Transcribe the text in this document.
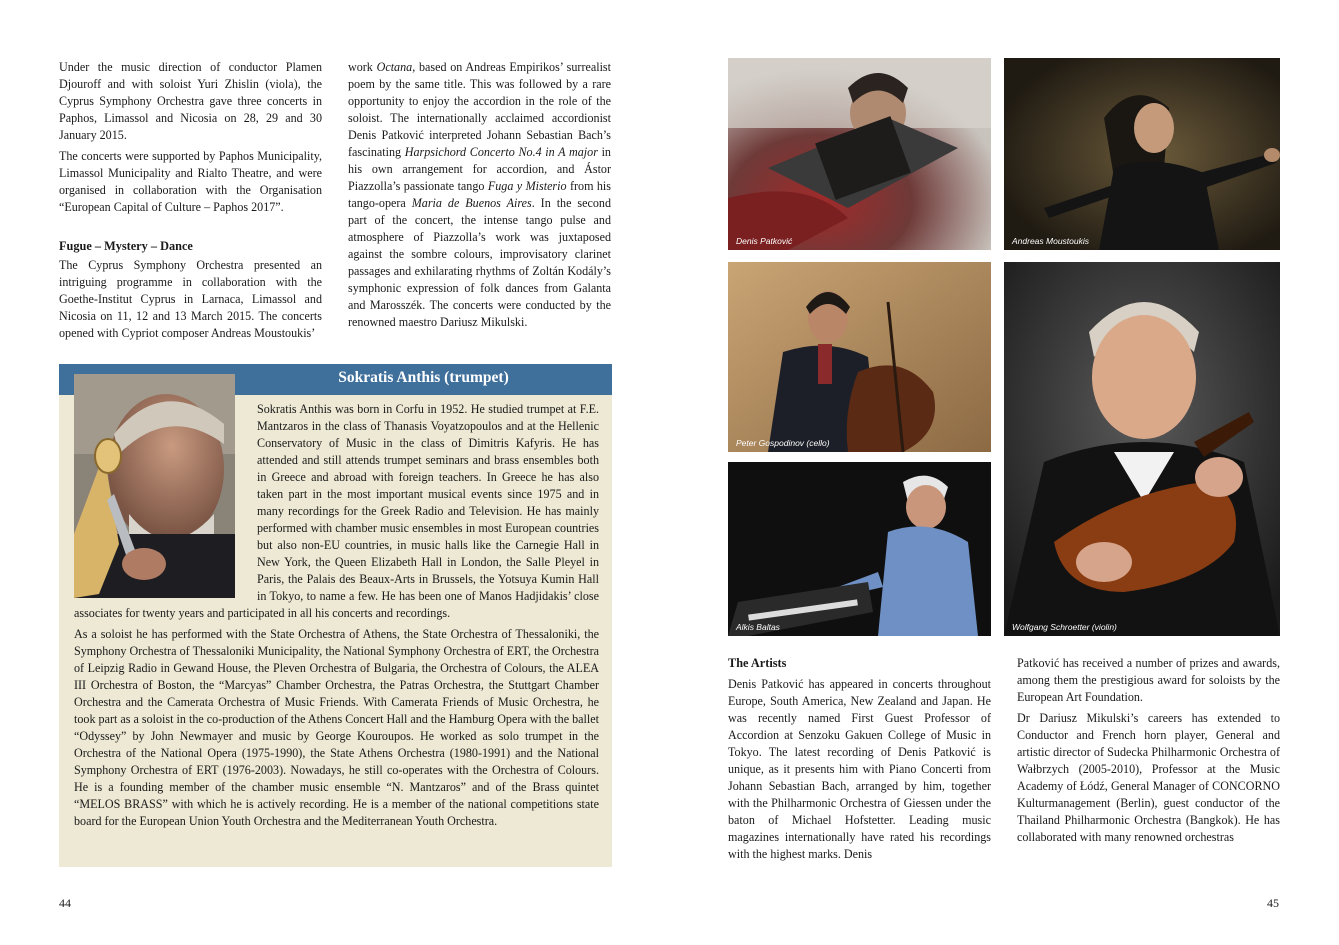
Under the music direction of conductor Plamen Djouroff and with soloist Yuri Zhislin (viola), the Cyprus Symphony Orchestra gave three concerts in Paphos, Limassol and Nicosia on 28, 29 and 30 January 2015.

The concerts were supported by Paphos Municipality, Limassol Municipality and Rialto Theatre, and were organised in collaboration with the Organisation “European Capital of Culture – Paphos 2017”.

Fugue – Mystery – Dance

The Cyprus Symphony Orchestra presented an intriguing programme in collaboration with the Goethe-Institut Cyprus in Larnaca, Limassol and Nicosia on 11, 12 and 13 March 2015. The concerts opened with Cypriot composer Andreas Moustoukis’

work Octana, based on Andreas Empirikos’ surrealist poem by the same title. This was followed by a rare opportunity to enjoy the accordion in the role of the soloist. The internationally acclaimed accordionist Denis Patković interpreted Johann Sebastian Bach’s fascinating Harpsichord Concerto No.4 in A major in his own arrangement for accordion, and Ástor Piazzolla’s passionate tango Fuga y Misterio from his tango-opera Maria de Buenos Aires. In the second part of the concert, the intense tango pulse and atmosphere of Piazzolla’s work was juxtaposed against the sombre colours, improvisatory clarinet passages and exhilarating rhythms of Zoltán Kodály’s symphonic expression of folk dances from Galanta and Marosszék. The concerts were conducted by the renowned maestro Dariusz Mikulski.

Sokratis Anthis (trumpet)

Sokratis Anthis was born in Corfu in 1952. He studied trumpet at F.E. Mantzaros in the class of Thanasis Voyatzopoulos and at the Hellenic Conservatory of Music in the class of Dimitris Kafyris. He has attended and still attends trumpet seminars and brass ensembles both in Greece and abroad with foreign teachers. In Greece he has also taken part in the most important musical events since 1975 and in many recordings for the Greek Radio and Television. He has mainly performed with chamber music ensembles in most European countries but also non-EU countries, in music halls like the Carnegie Hall in New York, the Queen Elizabeth Hall in London, the Salle Pleyel in Paris, the Palais des Beaux-Arts in Brussels, the Yotsuya Kumin Hall in Tokyo, to name a few. He has been one of Manos Hadjidakis’ close associates for twenty years and participated in all his concerts and recordings.

As a soloist he has performed with the State Orchestra of Athens, the State Orchestra of Thessaloniki, the Symphony Orchestra of Thessaloniki Municipality, the National Symphony Orchestra of ERT, the Orchestra of Leipzig Radio in Gewand House, the Pleven Orchestra of Bulgaria, the Orchestra of Colours, the ALEA III Orchestra of Boston, the “Marcyas” Chamber Orchestra, the Patras Orchestra, the Stuttgart Chamber Orchestra and the Camerata Orchestra of Music Friends. With Camerata Friends of Music Orchestra, he took part as a soloist in the co-production of the Athens Concert Hall and the Hamburg Opera with the ballet “Odyssey” by John Newmayer and music by George Kouroupos. He worked as solo trumpet in the Orchestra of the National Opera (1975-1990), the State Athens Orchestra (1980-1991) and the National Symphony Orchestra of ERT (1976-2003). Nowadays, he still co-operates with the Orchestra of Colours. He is a founding member of the chamber music ensemble “N. Mantzaros” and of the Brass quintet “MELOS BRASS” with which he is actively recording. He is a member of the national competitions state board for the European Union Youth Orchestra and the Mediterranean Youth Orchestra.

44
Denis Patković	Andreas Moustoukis
Peter Gospodinov (cello)
Wolfgang Schroetter (violin)
Alkis Baltas
The Artists

Denis Patković has appeared in concerts throughout Europe, South America, New Zealand and Japan. He was recently named First Guest Professor of Accordion at Senzoku Gakuen College of Music in Tokyo. The latest recording of Denis Patković is unique, as it presents him with Piano Concerti from Johann Sebastian Bach, arranged by him, together with the Philharmonic Orchestra of Giessen under the baton of Michael Hofstetter. Leading music magazines internationally have rated his recordings with the highest marks. Denis

Patković has received a number of prizes and awards, among them the prestigious award for soloists by the European Art Foundation.

Dr Dariusz Mikulski’s careers has extended to Conductor and French horn player, General and artistic director of Sudecka Philharmonic Orchestra of Wałbrzych (2005-2010), Professor at the Music Academy of Łódź, General Manager of CONCORNO Kulturmanagement (Berlin), guest conductor of the Thailand Philharmonic Orchestra (Bangkok). He has collaborated with many renowned orchestras

45
